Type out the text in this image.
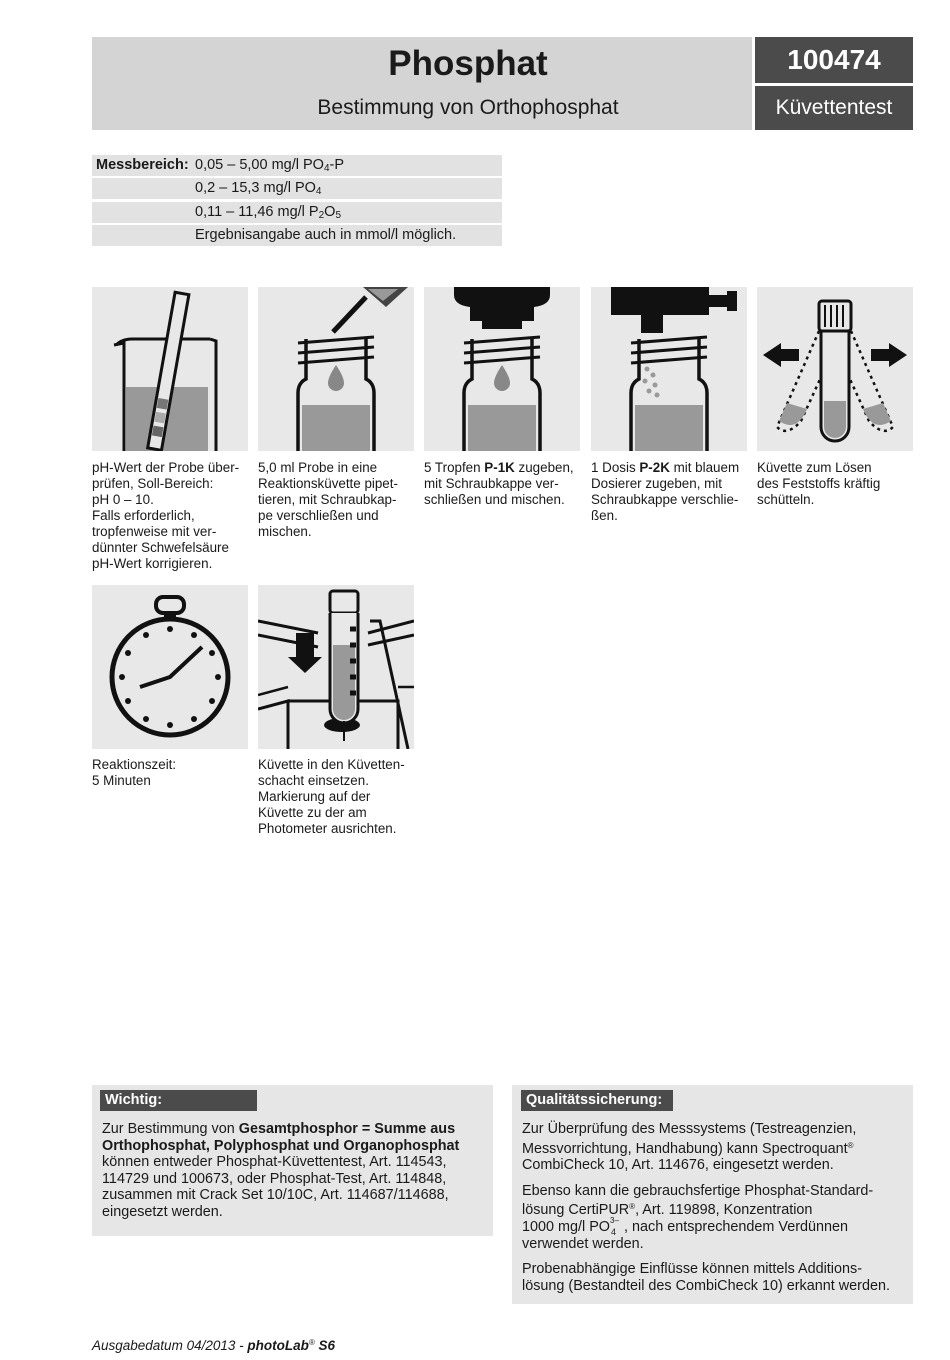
Phosphat
Bestimmung von Orthophosphat
100474
Küvettentest
Messbereich: 0,05 – 5,00 mg/l $PO_4-P$
0,2 – 15,3 mg/l $PO_4$
0,11 – 11,46 mg/l $P_2O_5$
Ergebnisangabe auch in mmol/l möglich.
pH-Wert der Probe über-
prüfen, Soll-Bereich:
pH 0 – 10.
Falls erforderlich,
tropfenweise mit ver-
dünnter Schwefelsäure
pH-Wert korrigieren.
5,0 ml Probe in eine
Reaktionsküvette pipet-
tieren, mit Schraubkap-
pe verschließen und
mischen.
5 Tropfen P-1K zugeben,
mit Schraubkappe ver-
schließen und mischen.
1 Dosis P-2K mit blauem
Dosierer zugeben, mit
Schraubkappe verschlie-
ßen.
Küvette zum Lösen
des Feststoffs kräftig
schütteln.
Reaktionszeit:
5 Minuten
Küvette in den Küvetten-
schacht einsetzen.
Markierung auf der
Küvette zu der am
Photometer ausrichten.
Wichtig:
Zur Bestimmung von Gesamtphosphor = Summe aus
Orthophosphat, Polyphosphat und Organophosphat
können entweder Phosphat-Küvettentest, Art. 114543,
114729 und 100673, oder Phosphat-Test, Art. 114848,
zusammen mit Crack Set 10/10C, Art. 114687/114688,
eingesetzt werden.
Qualitätssicherung:

Zur Überprüfung des Messsystems (Testreagenzien,
Messvorrichtung, Handhabung) kann Spectroquant®
CombiCheck 10, Art. 114676, eingesetzt werden.

Ebenso kann die gebrauchsfertige Phosphat-Standard-
lösung CertiPUR®, Art. 119898, Konzentration
1000 mg/l PO 3–
4 , nach entsprechendem Verdünnen
verwendet werden.

Probenabhängige Einflüsse können mittels Additions-
lösung (Bestandteil des CombiCheck 10) erkannt werden.

Ausgabedatum 04/2013 - photoLab® S6
